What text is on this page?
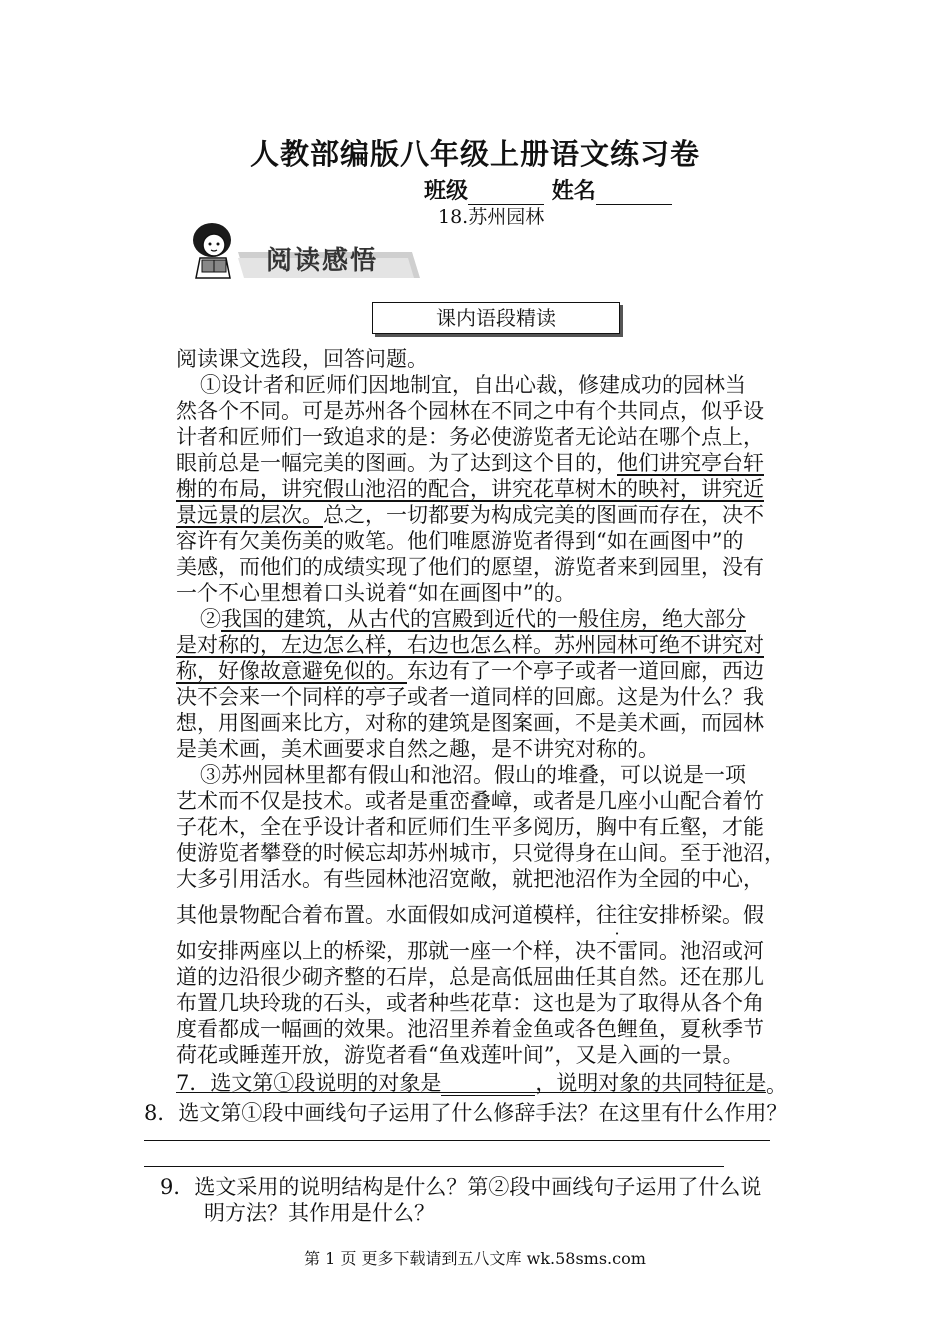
人教部编版八年级上册语文练习卷
班级	姓名
18.苏州园林
阅读感悟
课内语段精读
阅读课文选段，回答问题。
①设计者和匠师们因地制宜，自出心裁，修建成功的园林当
然各个不同。可是苏州各个园林在不同之中有个共同点，似乎设
计者和匠师们一致追求的是：务必使游览者无论站在哪个点上，
眼前总是一幅完美的图画。为了达到这个目的，他们讲究亭台轩
榭的布局，讲究假山池沼的配合，讲究花草树木的映衬，讲究近
景远景的层次。总之，一切都要为构成完美的图画而存在，决不
容许有欠美伤美的败笔。他们唯愿游览者得到“如在画图中”的
美感，而他们的成绩实现了他们的愿望，游览者来到园里，没有
一个不心里想着口头说着“如在画图中”的。
②我国的建筑，从古代的宫殿到近代的一般住房，绝大部分
是对称的，左边怎么样，右边也怎么样。苏州园林可绝不讲究对
称，好像故意避免似的。东边有了一个亭子或者一道回廊，西边
决不会来一个同样的亭子或者一道同样的回廊。这是为什么？我
想，用图画来比方，对称的建筑是图案画，不是美术画，而园林
是美术画，美术画要求自然之趣，是不讲究对称的。
③苏州园林里都有假山和池沼。假山的堆叠，可以说是一项
艺术而不仅是技术。或者是重峦叠嶂，或者是几座小山配合着竹
子花木，全在乎设计者和匠师们生平多阅历，胸中有丘壑，才能
使游览者攀登的时候忘却苏州城市，只觉得身在山间。至于池沼，
大多引用活水。有些园林池沼宽敞，就把池沼作为全园的中心，
其他景物配合着布置。水面假如成河道模样，往往安排桥梁。假
如安排两座以上的桥梁，那就一座一个样，决不雷同。池沼或河
道的边沿很少砌齐整的石岸，总是高低屈曲任其自然。还在那儿
布置几块玲珑的石头，或者种些花草：这也是为了取得从各个角
度看都成一幅画的效果。池沼里养着金鱼或各色鲤鱼，夏秋季节
荷花或睡莲开放，游览者看“鱼戏莲叶间”，又是入画的一景。
7．选文第①段说明的对象是	，说明对象的共同特征是 。
8．选文第①段中画线句子运用了什么修辞手法？在这里有什么作用？
9．选文采用的说明结构是什么？第②段中画线句子运用了什么说
明方法？其作用是什么？
第 1 页 更多下载请到五八文库 wk.58sms.com
